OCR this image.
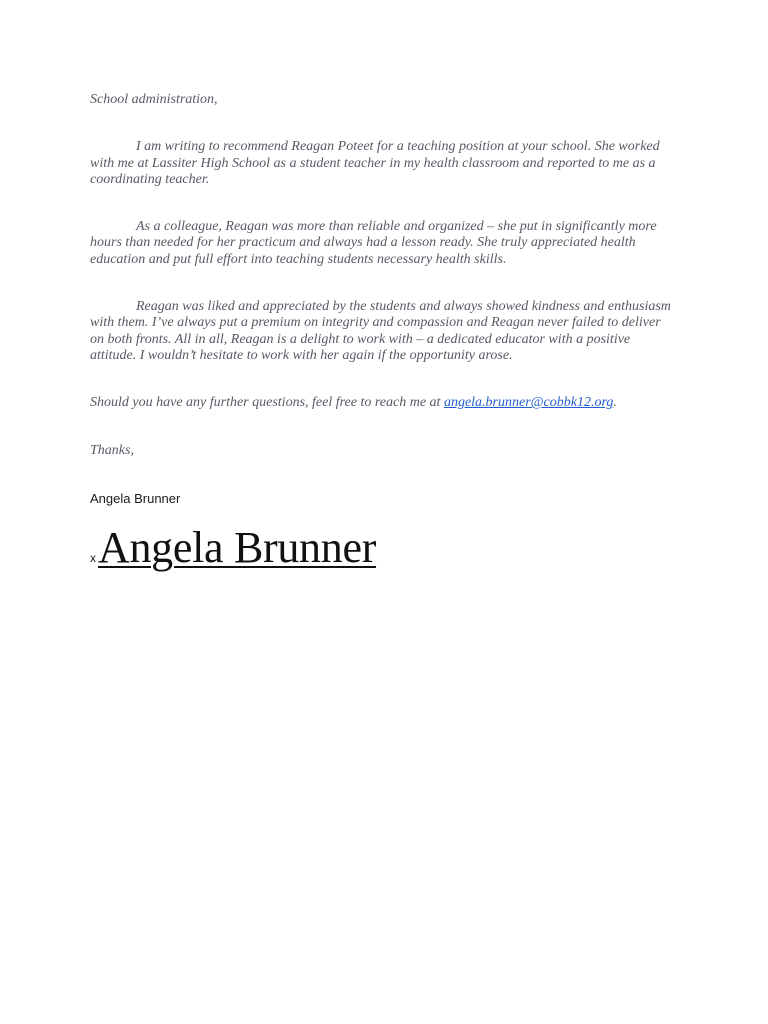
School administration,

I am writing to recommend Reagan Poteet for a teaching position at your school. She worked with me at Lassiter High School as a student teacher in my health classroom and reported to me as a coordinating teacher.

As a colleague, Reagan was more than reliable and organized – she put in significantly more hours than needed for her practicum and always had a lesson ready. She truly appreciated health education and put full effort into teaching students necessary health skills.

Reagan was liked and appreciated by the students and always showed kindness and enthusiasm with them. I’ve always put a premium on integrity and compassion and Reagan never failed to deliver on both fronts. All in all, Reagan is a delight to work with – a dedicated educator with a positive attitude. I wouldn’t hesitate to work with her again if the opportunity arose.

Should you have any further questions, feel free to reach me at angela.brunner@cobbk12.org.

Thanks,

Angela Brunner
xAngela Brunner
